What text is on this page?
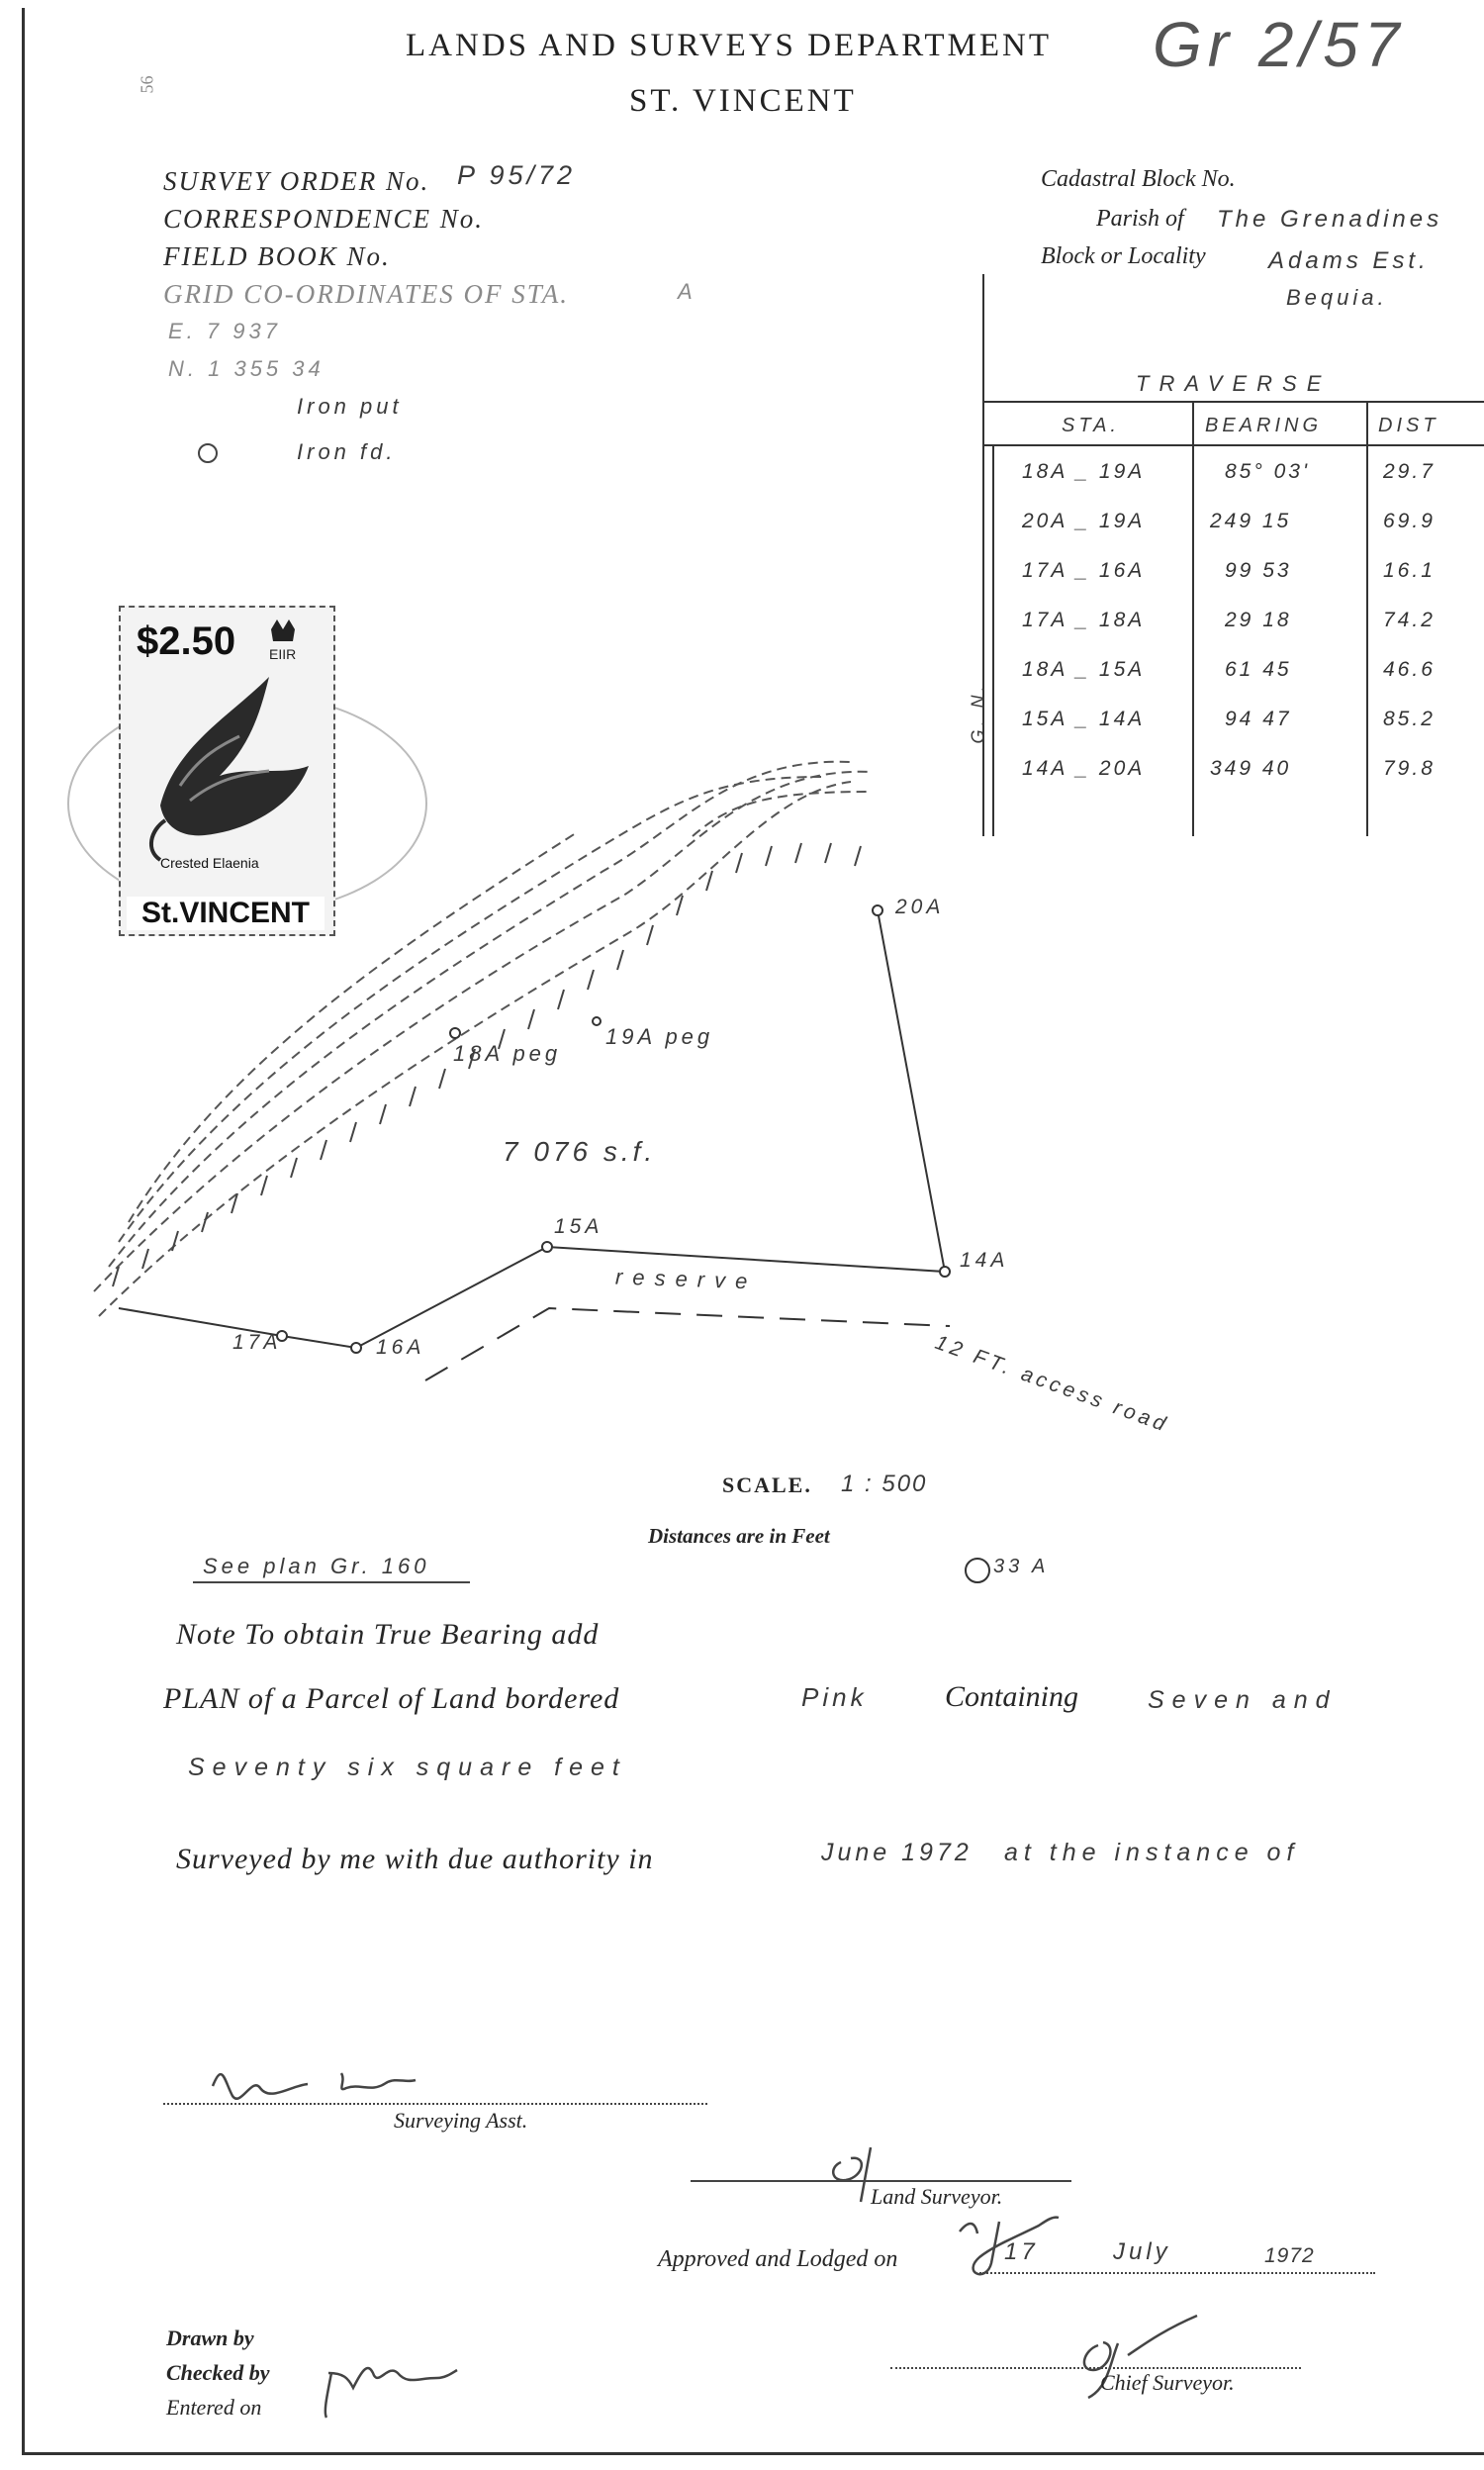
LANDS AND SURVEYS DEPARTMENT
ST. VINCENT
Gr 2/57
56
SURVEY ORDER No. P 95/72
CORRESPONDENCE No.
FIELD BOOK No.
GRID CO-ORDINATES OF STA.	A
E. 7 937
N. 1 355 34
Iron put
Iron fd.
Cadastral Block No.
Parish of The Grenadines
Block or Locality	Adams Est.
Bequia.
TRAVERSE
STA.	BEARING	DIST
G. N.
18A _ 19A	85° 03'	29.7
20A _ 19A	249 15	69.9
17A _ 16A	99 53	16.1
17A _ 18A	29 18	74.2
18A _ 15A	61 45	46.6
15A _ 14A	94 47	85.2
14A _ 20A	349 40	79.8
$2.50 EIIR
Crested Elaenia
St.VINCENT	20A
19A peg
18A peg
15A
14A
17A	16A
7 076 s.f.
reserve
12 FT. access road
SCALE. 1 : 500
Distances are in Feet
See plan Gr. 160	33 A
Note To obtain True Bearing add
PLAN of a Parcel of Land bordered	Pink	Containing	Seven and
Seventy six square feet
Surveyed by me with due authority in	June 1972 at the instance of
Surveying Asst.
Land Surveyor.
Approved and Lodged on	17	July	1972
Chief Surveyor.
Drawn by
Checked by
Entered on
